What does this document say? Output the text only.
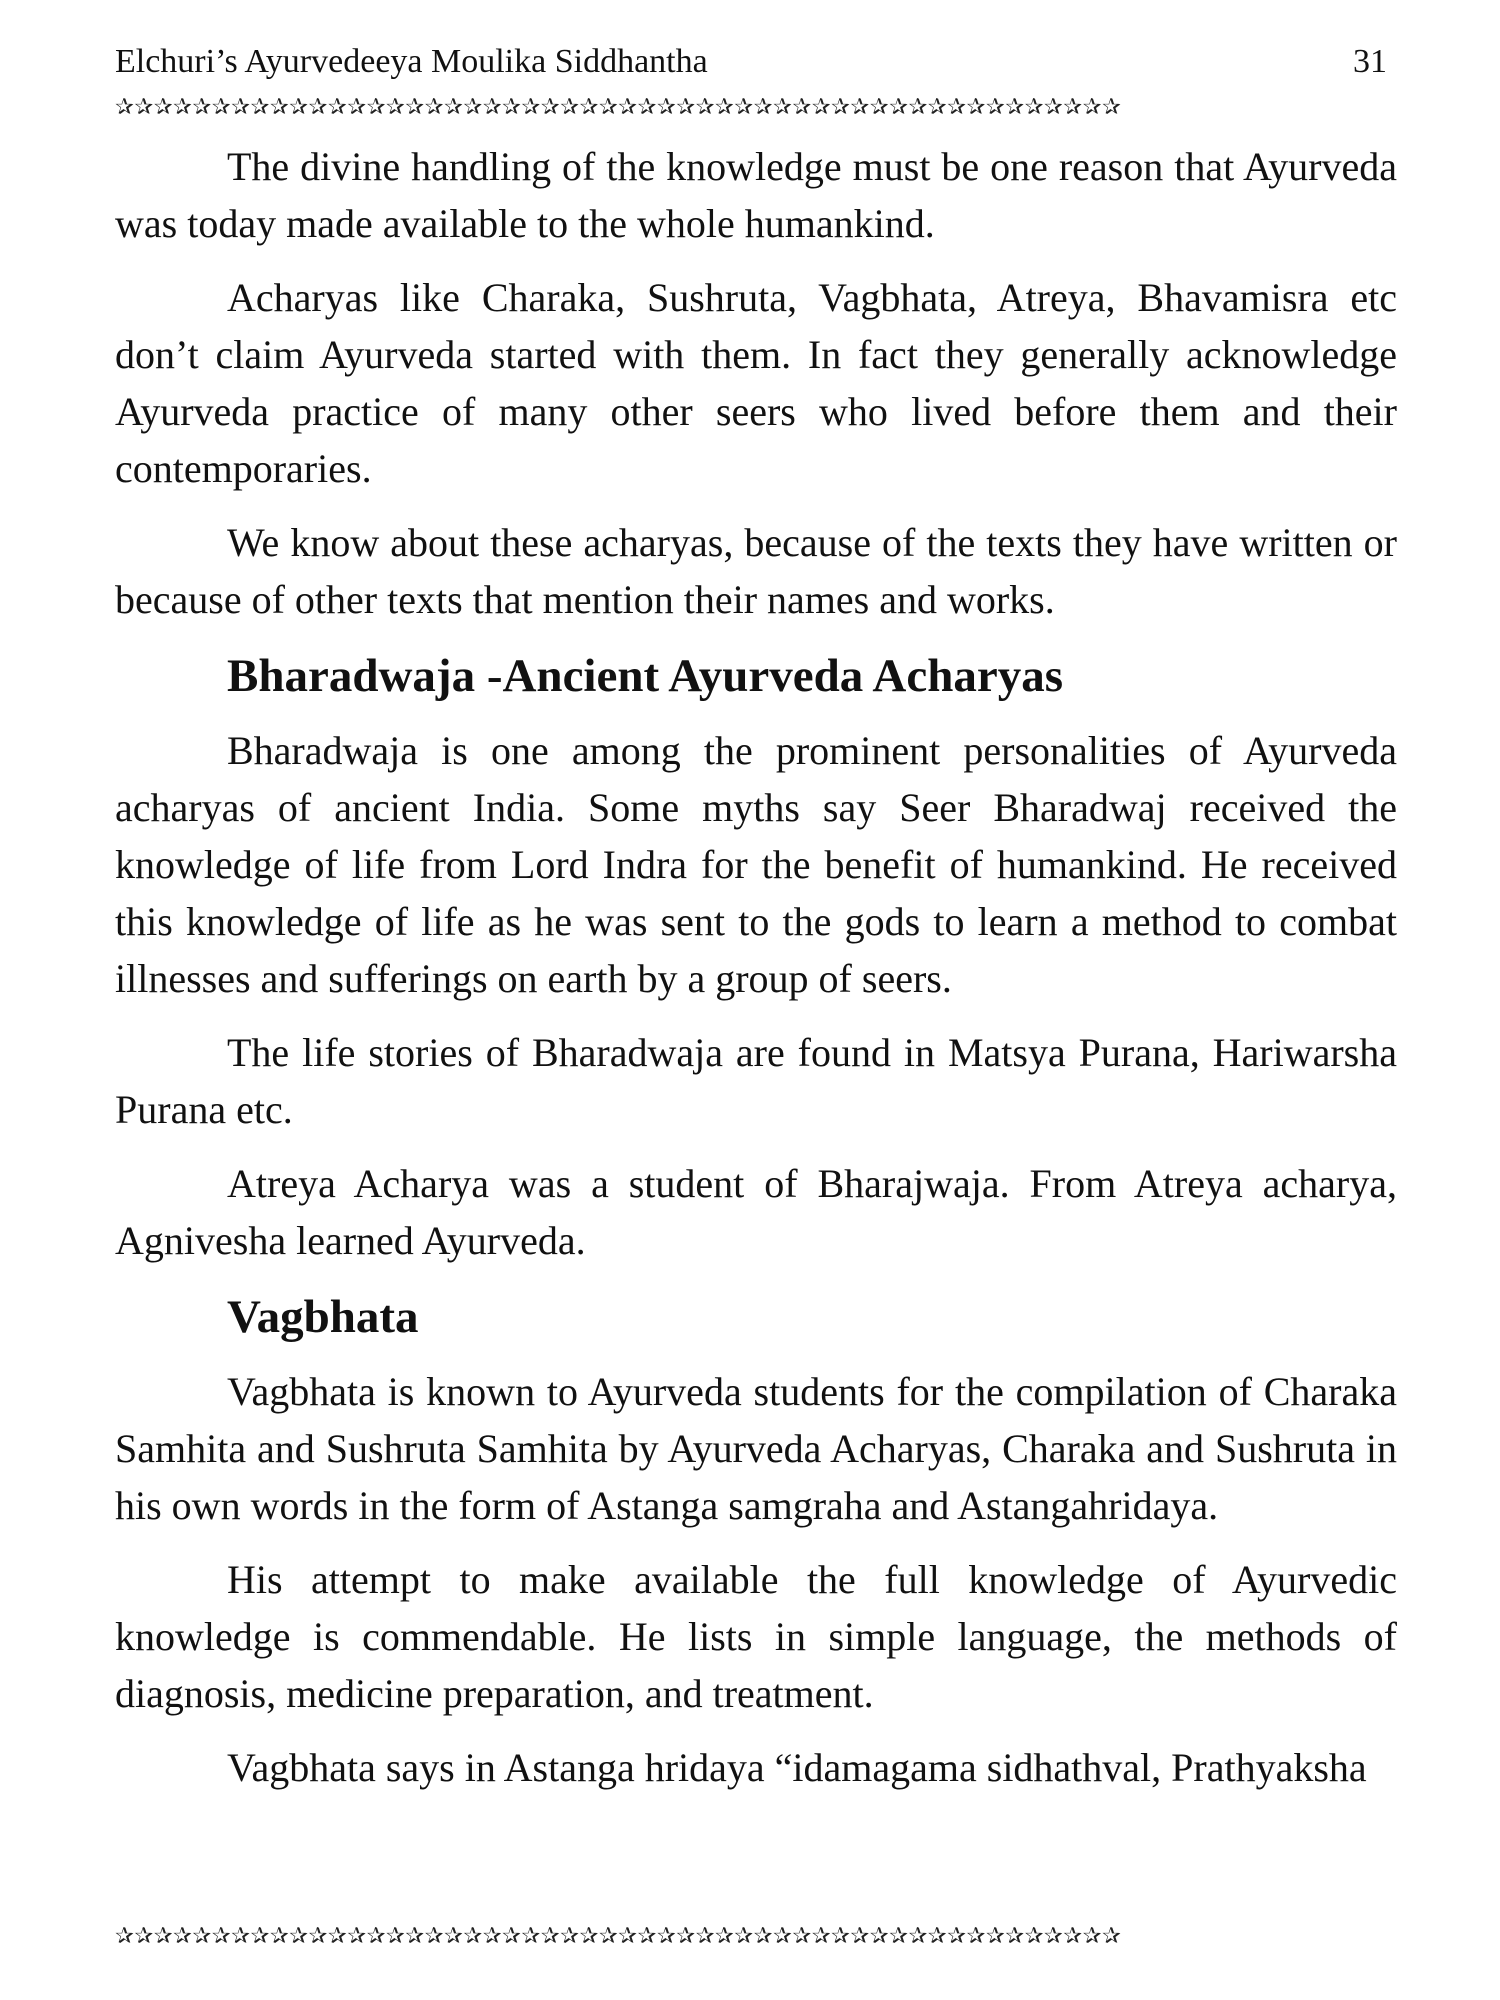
Elchuri’s Ayurvedeeya Moulika Siddhantha	31
✰✰✰✰✰✰✰✰✰✰✰✰✰✰✰✰✰✰✰✰✰✰✰✰✰✰✰✰✰✰✰✰✰✰✰✰✰✰✰✰✰✰✰✰✰✰✰✰✰✰✰✰

The divine handling of the knowledge must be one reason that Ayurveda was today made available to the whole humankind.

Acharyas like Charaka, Sushruta, Vagbhata, Atreya, Bhavamisra etc don’t claim Ayurveda started with them. In fact they generally acknowledge Ayurveda practice of many other seers who lived before them and their contemporaries.

We know about these acharyas, because of the texts they have written or because of other texts that mention their names and works.

Bharadwaja -Ancient Ayurveda Acharyas

Bharadwaja is one among the prominent personalities of Ayurveda acharyas of ancient India. Some myths say Seer Bharadwaj received the knowledge of life from Lord Indra for the benefit of humankind. He received this knowledge of life as he was sent to the gods to learn a method to combat illnesses and sufferings on earth by a group of seers.

The life stories of Bharadwaja are found in Matsya Purana, Hariwarsha Purana etc.

Atreya Acharya was a student of Bharajwaja. From Atreya acharya, Agnivesha learned Ayurveda.

Vagbhata

Vagbhata is known to Ayurveda students for the compilation of Charaka Samhita and Sushruta Samhita by Ayurveda Acharyas, Charaka and Sushruta in his own words in the form of Astanga samgraha and Astangahridaya.

His attempt to make available the full knowledge of Ayurvedic knowledge is commendable. He lists in simple language, the methods of diagnosis, medicine preparation, and treatment.

Vagbhata says in Astanga hridaya “idamagama sidhathval, Prathyaksha

✰✰✰✰✰✰✰✰✰✰✰✰✰✰✰✰✰✰✰✰✰✰✰✰✰✰✰✰✰✰✰✰✰✰✰✰✰✰✰✰✰✰✰✰✰✰✰✰✰✰✰✰
